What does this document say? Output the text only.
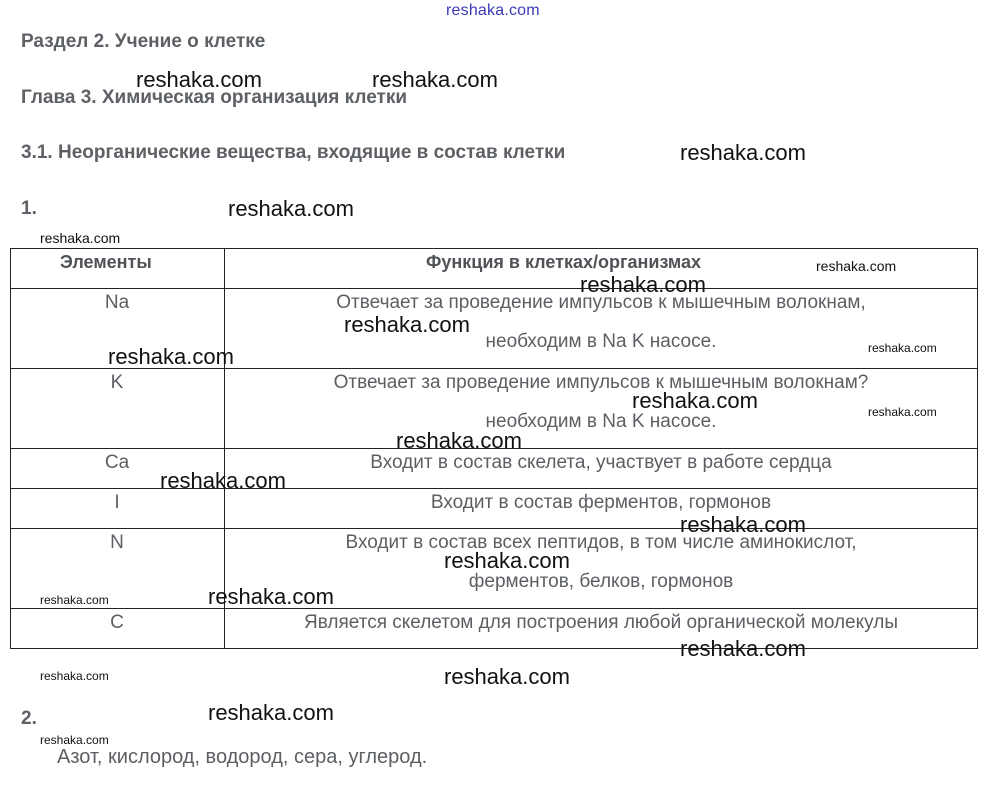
reshaka.com
Раздел 2. Учение о клетке
Глава 3. Химическая организация клетки
3.1. Неорганические вещества, входящие в состав клетки
1.
Элементы	Функция в клетках/организмах
Na	Отвечает за проведение импульсов к мышечным волокнам,
необходим в Na K насосе.
K	Отвечает за проведение импульсов к мышечным волокнам?
необходим в Na K насосе.
Ca	Входит в состав скелета, участвует в работе сердца
I	Входит в состав ферментов, гормонов
N	Входит в состав всех пептидов, в том числе аминокислот,
ферментов, белков, гормонов
C	Является скелетом для построения любой органической молекулы
2.
Азот, кислород, водород, сера, углерод.
reshaka.com	reshaka.com
reshaka.com
reshaka.com
reshaka.com
reshaka.com
reshaka.com
reshaka.com
reshaka.com
reshaka.com
reshaka.com	reshaka.com
reshaka.com
reshaka.com
reshaka.com
reshaka.com
reshaka.com
reshaka.com
reshaka.com
reshaka.com	reshaka.com
reshaka.com
reshaka.com
